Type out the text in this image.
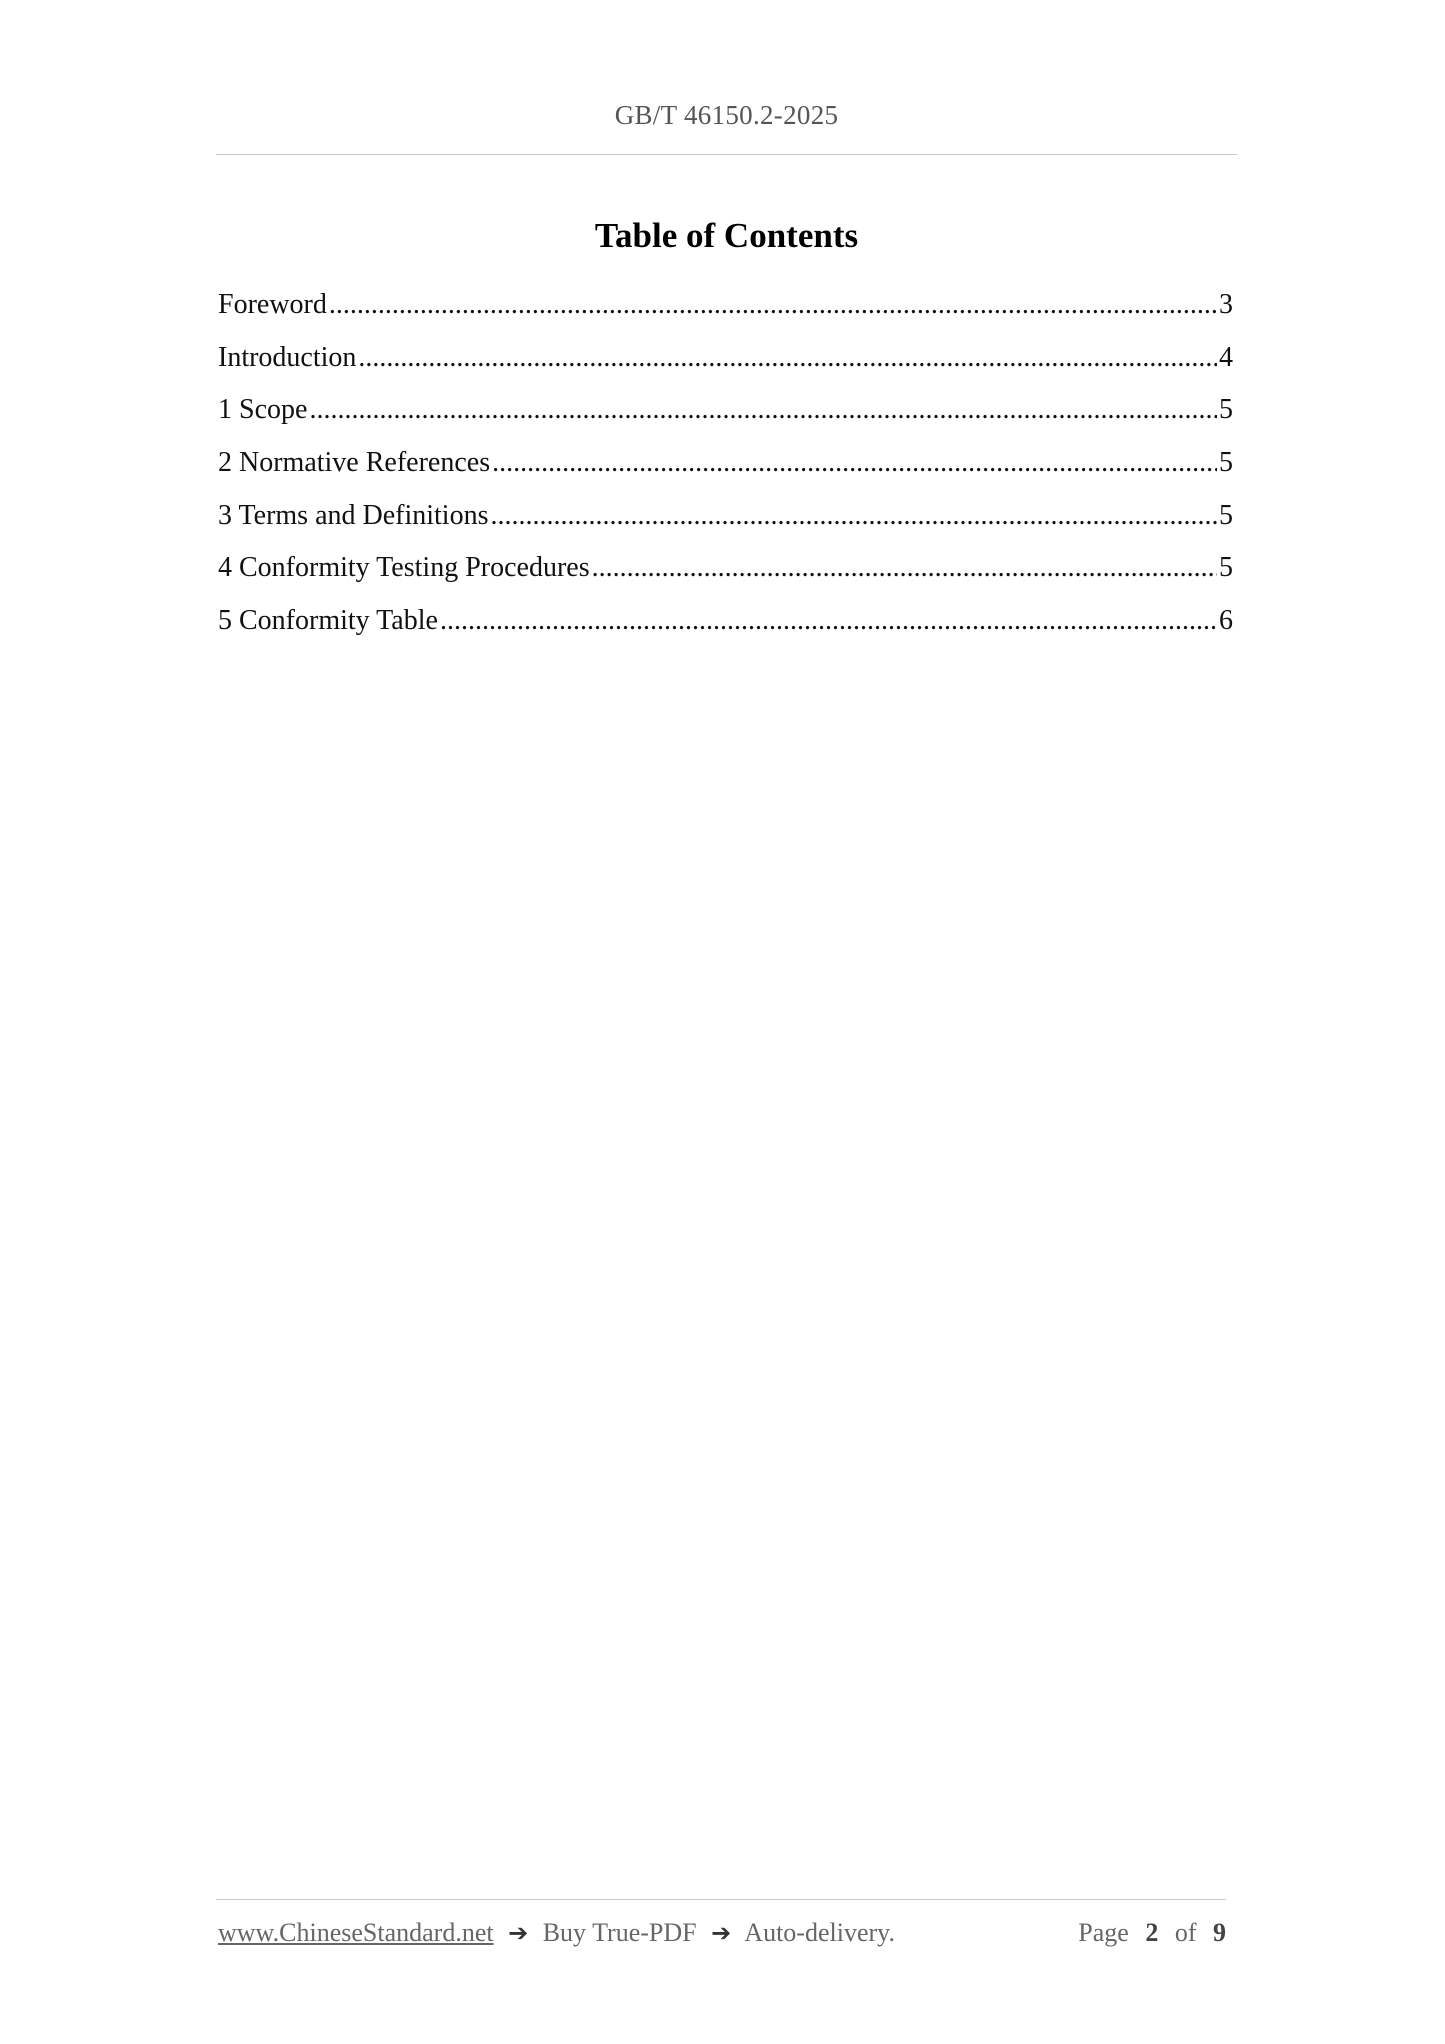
GB/T 46150.2-2025
Table of Contents
Foreword .....	3
Introduction .....	4
1 Scope .....	5
2 Normative References .....	5
3 Terms and Definitions .....	5
4 Conformity Testing Procedures .....	5
5 Conformity Table .....	6
www.ChineseStandard.net ➔ Buy True-PDF ➔ Auto-delivery.	Page 2 of 9
